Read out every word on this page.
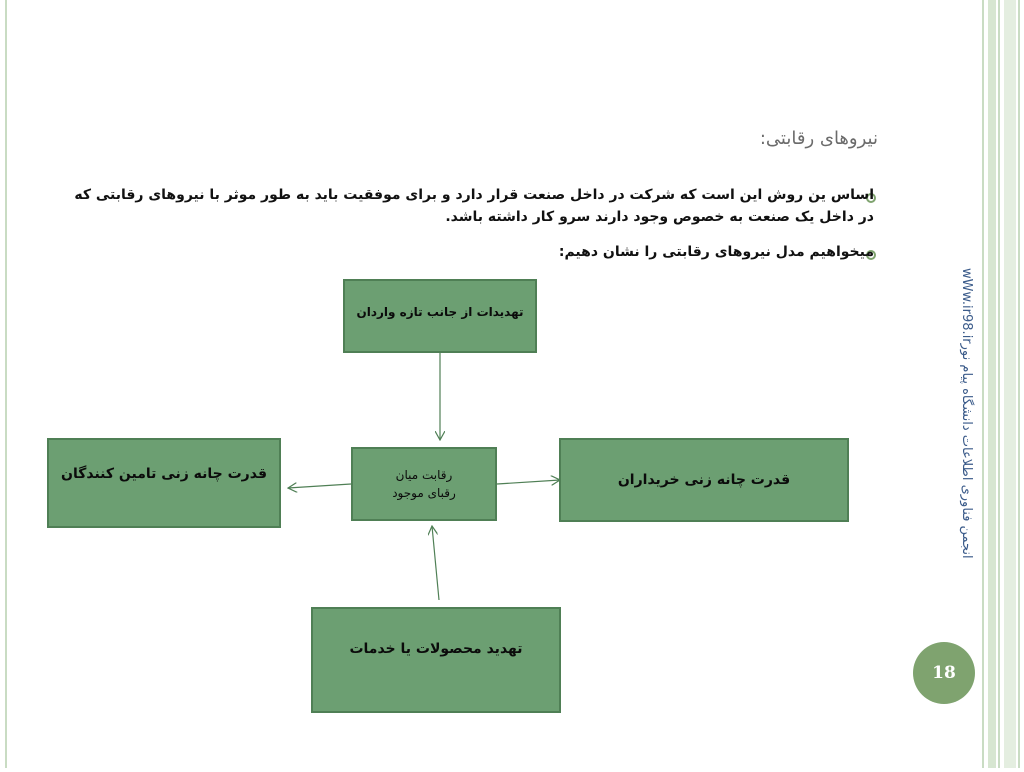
نیروهای رقابتی:
اساس ین روش این است که شرکت در داخل صنعت قرار دارد و برای موفقیت باید به طور موثر با نیروهای رقابتی که در داخل یک صنعت به خصوص وجود دارند سرو کار داشته باشد.
میخواهیم مدل نیروهای رقابتی را نشان دهیم:
تهدیدات از جانب تازه واردان
رقابت میان
رقبای موجود
قدرت چانه زنی تامین کنندگان	قدرت چانه زنی خریداران
تهدید محصولات یا خدمات
wWw.ir98.irانجمن فناوری اطلاعات دانشگاه پیام نور
18
